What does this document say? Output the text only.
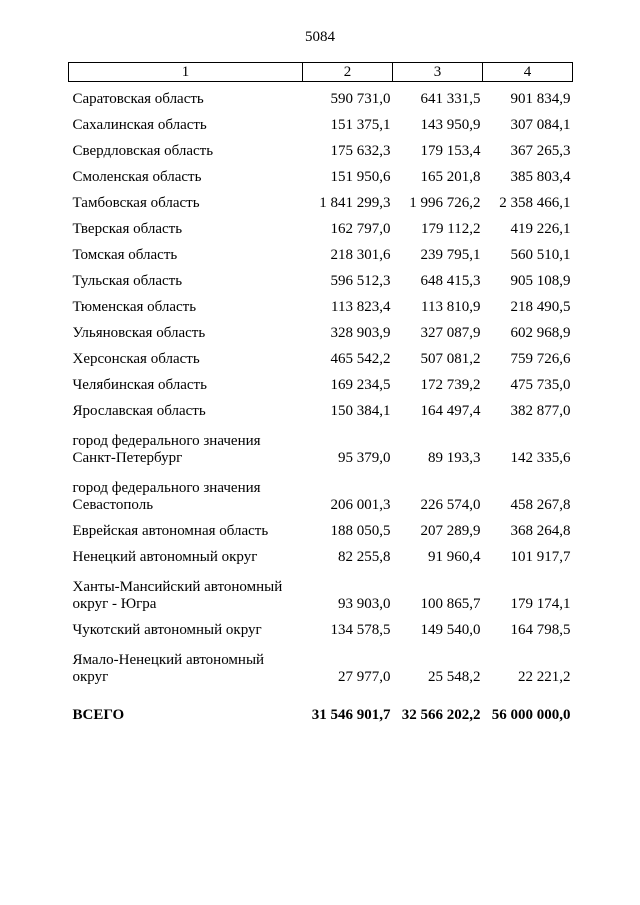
5084
1	2	3	4
Саратовская область	590 731,0	641 331,5	901 834,9
Сахалинская область	151 375,1	143 950,9	307 084,1
Свердловская область	175 632,3	179 153,4	367 265,3
Смоленская область	151 950,6	165 201,8	385 803,4
Тамбовская область	1 841 299,3	1 996 726,2	2 358 466,1
Тверская область	162 797,0	179 112,2	419 226,1
Томская область	218 301,6	239 795,1	560 510,1
Тульская область	596 512,3	648 415,3	905 108,9
Тюменская область	113 823,4	113 810,9	218 490,5
Ульяновская область	328 903,9	327 087,9	602 968,9
Херсонская область	465 542,2	507 081,2	759 726,6
Челябинская область	169 234,5	172 739,2	475 735,0
Ярославская область	150 384,1	164 497,4	382 877,0
город федерального значения
Санкт-Петербург	95 379,0	89 193,3	142 335,6
город федерального значения
Севастополь	206 001,3	226 574,0	458 267,8
Еврейская автономная область	188 050,5	207 289,9	368 264,8
Ненецкий автономный округ	82 255,8	91 960,4	101 917,7
Ханты-Мансийский автономный
округ - Югра	93 903,0	100 865,7	179 174,1
Чукотский автономный округ	134 578,5	149 540,0	164 798,5
Ямало-Ненецкий автономный
округ	27 977,0	25 548,2	22 221,2
ВСЕГО	31 546 901,7	32 566 202,2	56 000 000,0
